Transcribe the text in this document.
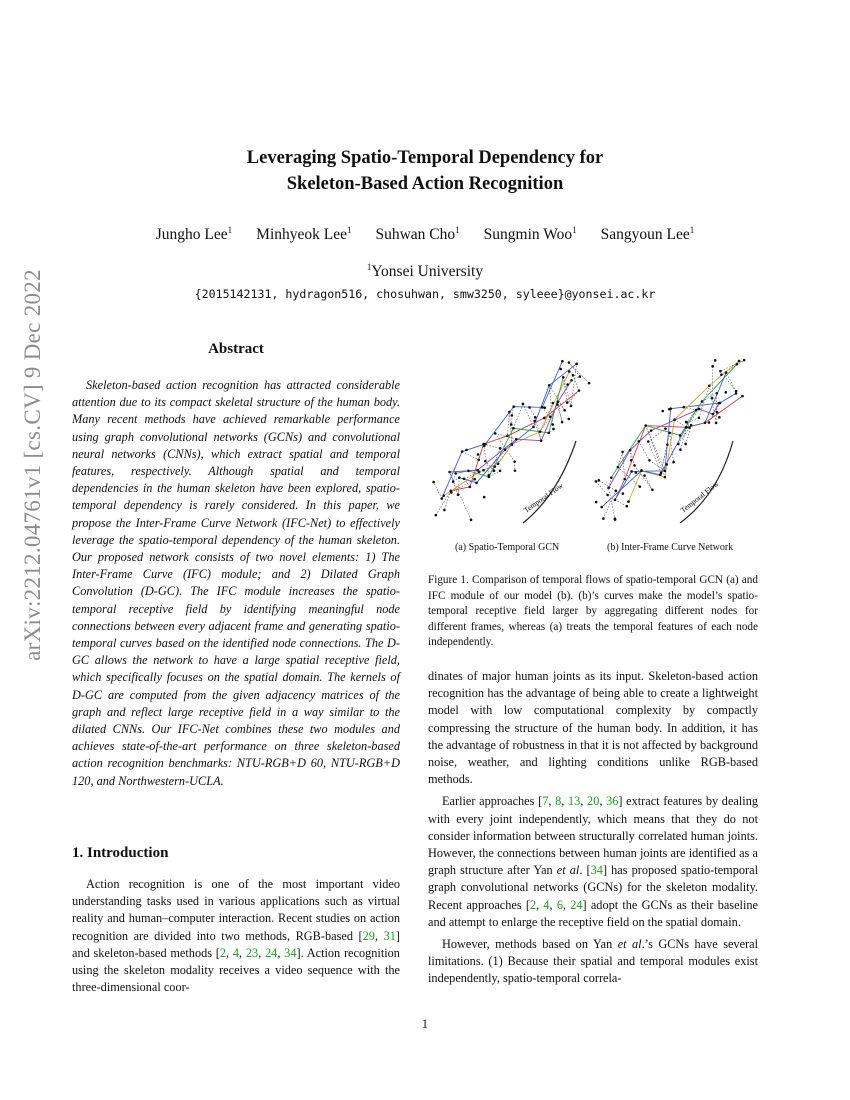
arXiv:2212.04761v1 [cs.CV] 9 Dec 2022
Leveraging Spatio-Temporal Dependency for
Skeleton-Based Action Recognition
Jungho Lee$^1$ Minhyeok Lee$^1$ Suhwan Cho$^1$ Sungmin Woo$^1$ Sangyoun Lee$^1$
$^1$Yonsei University
{2015142131, hydragon516, chosuhwan, smw3250, syleee}@yonsei.ac.kr
Abstract

Skeleton-based action recognition has attracted considerable attention due to its compact skeletal structure of the human body. Many recent methods have achieved remarkable performance using graph convolutional networks (GCNs) and convolutional neural networks (CNNs), which extract spatial and temporal features, respectively. Although spatial and temporal dependencies in the human skeleton have been explored, spatio-temporal dependency is rarely considered. In this paper, we propose the Inter-Frame Curve Network (IFC-Net) to effectively leverage the spatio-temporal dependency of the human skeleton. Our proposed network consists of two novel elements: 1) The Inter-Frame Curve (IFC) module; and 2) Dilated Graph Convolution (D-GC). The IFC module increases the spatio-temporal receptive field by identifying meaningful node connections between every adjacent frame and generating spatio-temporal curves based on the identified node connections. The D-GC allows the network to have a large spatial receptive field, which specifically focuses on the spatial domain. The kernels of D-GC are computed from the given adjacency matrices of the graph and reflect large receptive field in a way similar to the dilated CNNs. Our IFC-Net combines these two modules and achieves state-of-the-art performance on three skeleton-based action recognition benchmarks: NTU-RGB+D 60, NTU-RGB+D 120, and Northwestern-UCLA.

1. Introduction

Action recognition is one of the most important video understanding tasks used in various applications such as virtual reality and human–computer interaction. Recent studies on action recognition are divided into two methods, RGB-based [29, 31] and skeleton-based methods [2, 4, 23, 24, 34]. Action recognition using the skeleton modality receives a video sequence with the three-dimensional coor-

Temporal Flow	Temporal Flow
(a) Spatio-Temporal GCN	(b) Inter-Frame Curve Network

Figure 1. Comparison of temporal flows of spatio-temporal GCN (a) and IFC module of our model (b). (b)’s curves make the model’s spatio-temporal receptive field larger by aggregating different nodes for different frames, whereas (a) treats the temporal features of each node independently.

dinates of major human joints as its input. Skeleton-based action recognition has the advantage of being able to create a lightweight model with low computational complexity by compactly compressing the structure of the human body. In addition, it has the advantage of robustness in that it is not affected by background noise, weather, and lighting conditions unlike RGB-based methods.

Earlier approaches [7, 8, 13, 20, 36] extract features by dealing with every joint independently, which means that they do not consider information between structurally correlated human joints. However, the connections between human joints are identified as a graph structure after Yan et al. [34] has proposed spatio-temporal graph convolutional networks (GCNs) for the skeleton modality. Recent approaches [2, 4, 6, 24] adopt the GCNs as their baseline and attempt to enlarge the receptive field on the spatial domain.

However, methods based on Yan et al.’s GCNs have several limitations. (1) Because their spatial and temporal modules exist independently, spatio-temporal correla-

1
